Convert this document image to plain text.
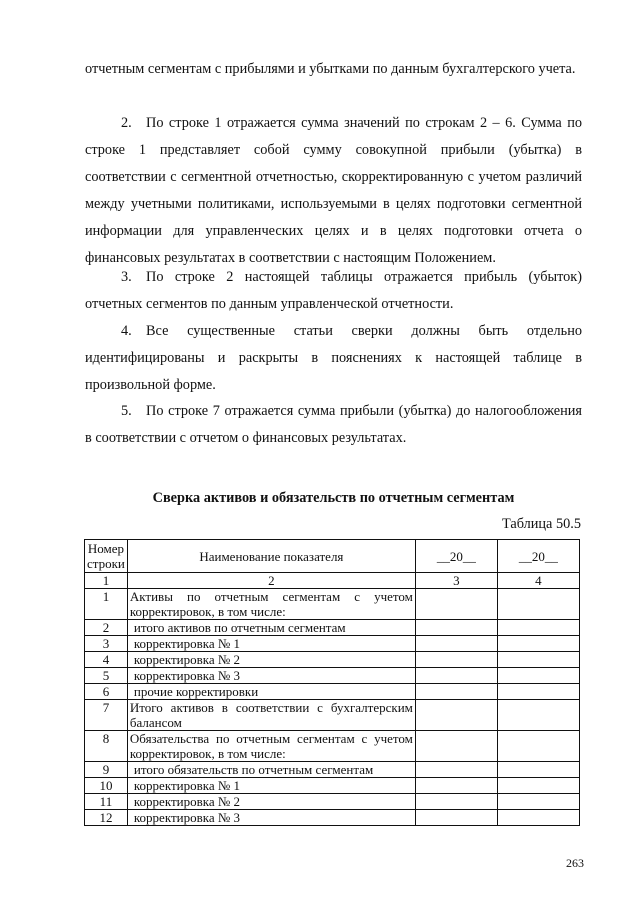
отчетным сегментам с прибылями и убытками по данным бухгалтерского учета.

2. По строке 1 отражается сумма значений по строкам 2 – 6. Сумма по строке 1 представляет собой сумму совокупной прибыли (убытка) в соответствии с сегментной отчетностью, скорректированную с учетом различий между учетными политиками, используемыми в целях подготовки сегментной информации для управленческих целях и в целях подготовки отчета о финансовых результатах в соответствии с настоящим Положением.

3. По строке 2 настоящей таблицы отражается прибыль (убыток) отчетных сегментов по данным управленческой отчетности.

4. Все существенные статьи сверки должны быть отдельно идентифицированы и раскрыты в пояснениях к настоящей таблице в произвольной форме.

5. По строке 7 отражается сумма прибыли (убытка) до налогообложения в соответствии с отчетом о финансовых результатах.

Сверка активов и обязательств по отчетным сегментам
Таблица 50.5
Номер строки	Наименование показателя	__20__	__20__
1	2	3	4
1	Активы по отчетным сегментам с учетом корректировок, в том числе:		
2	итого активов по отчетным сегментам		
3	корректировка № 1		
4	корректировка № 2		
5	корректировка № 3		
6	прочие корректировки		
7	Итого активов в соответствии с бухгалтерским балансом		
8	Обязательства по отчетным сегментам с учетом корректировок, в том числе:		
9	итого обязательств по отчетным сегментам		
10	корректировка № 1		
11	корректировка № 2		
12	корректировка № 3		
263
